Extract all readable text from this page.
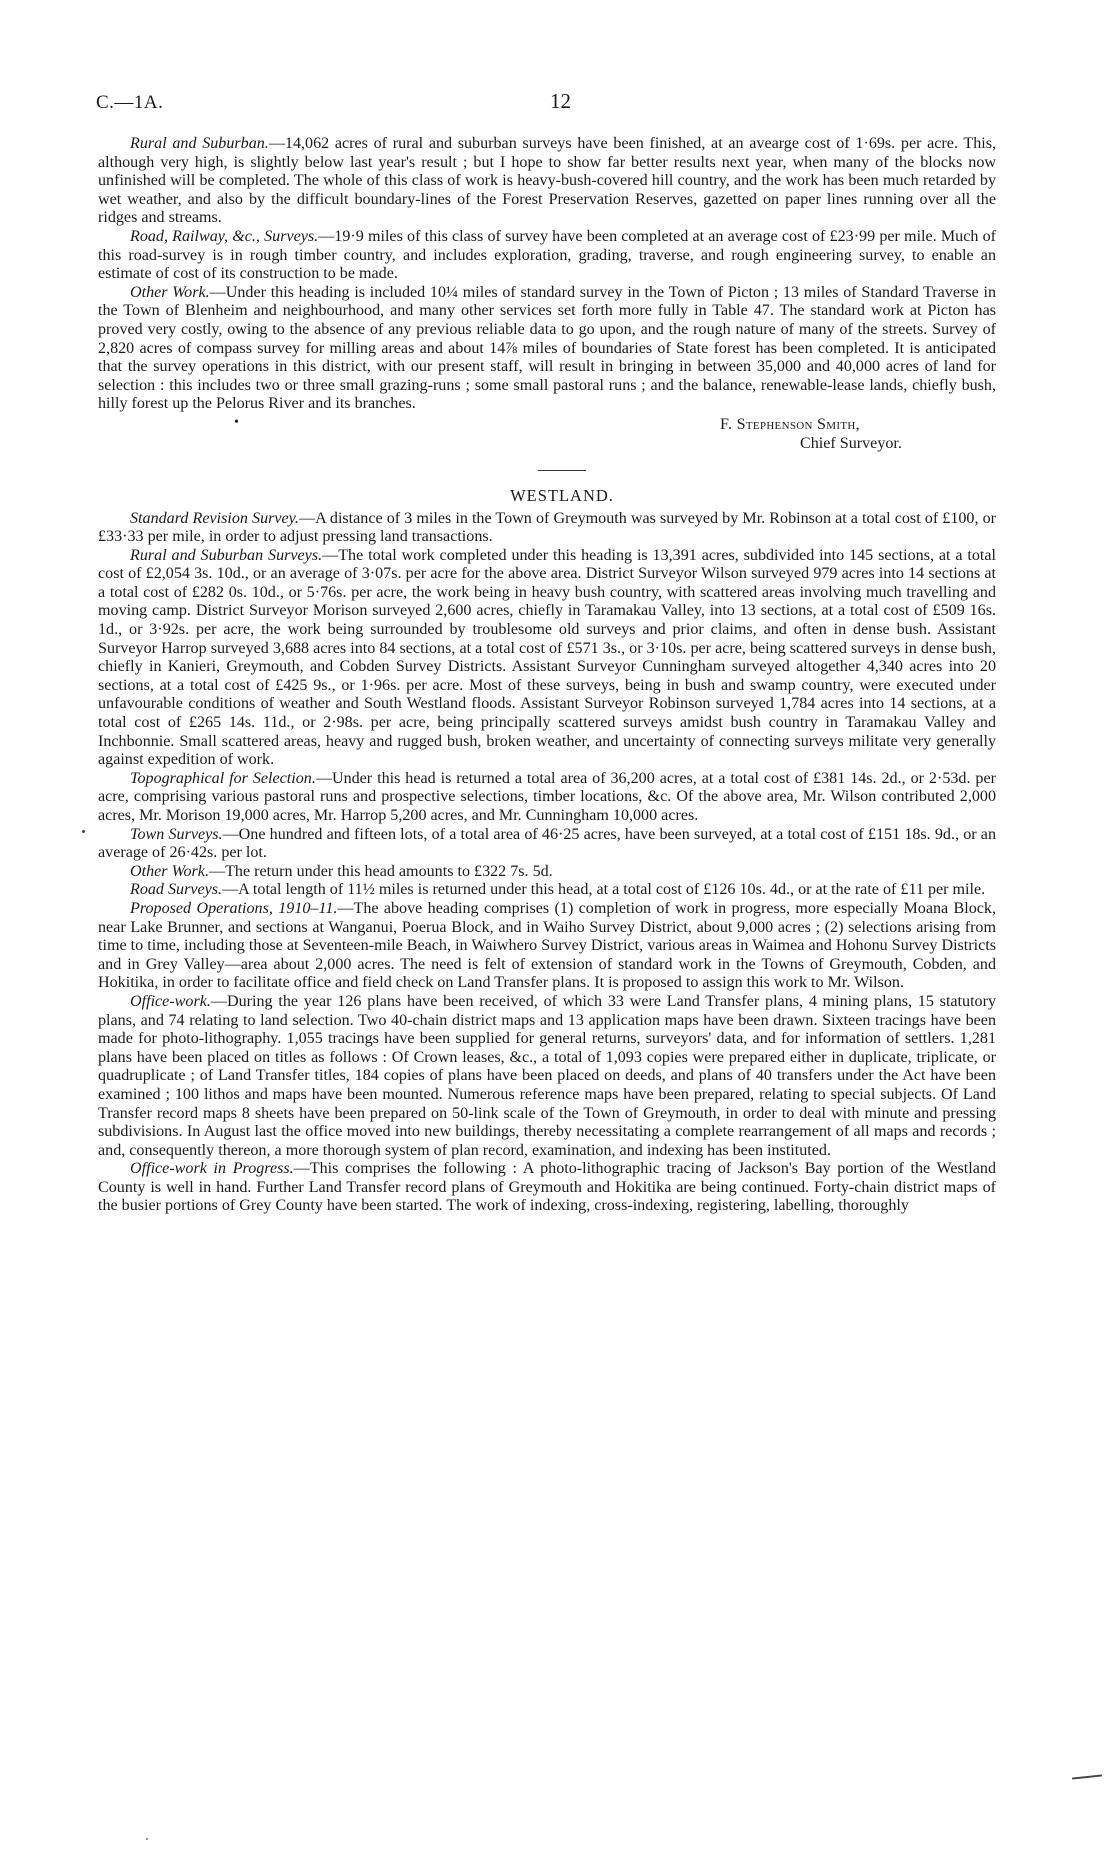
C.—1A.	12

Rural and Suburban.—14,062 acres of rural and suburban surveys have been finished, at an avearge cost of 1·69s. per acre. This, although very high, is slightly below last year's result ; but I hope to show far better results next year, when many of the blocks now unfinished will be completed. The whole of this class of work is heavy-bush-covered hill country, and the work has been much retarded by wet weather, and also by the difficult boundary-lines of the Forest Preservation Reserves, gazetted on paper lines running over all the ridges and streams.

Road, Railway, &c., Surveys.—19·9 miles of this class of survey have been completed at an average cost of £23·99 per mile. Much of this road-survey is in rough timber country, and includes exploration, grading, traverse, and rough engineering survey, to enable an estimate of cost of its construction to be made.

Other Work.—Under this heading is included 10¼ miles of standard survey in the Town of Picton ; 13 miles of Standard Traverse in the Town of Blenheim and neighbourhood, and many other services set forth more fully in Table 47. The standard work at Picton has proved very costly, owing to the absence of any previous reliable data to go upon, and the rough nature of many of the streets. Survey of 2,820 acres of compass survey for milling areas and about 14⅞ miles of boundaries of State forest has been completed. It is anticipated that the survey operations in this district, with our present staff, will result in bringing in between 35,000 and 40,000 acres of land for selection : this includes two or three small grazing-runs ; some small pastoral runs ; and the balance, renewable-lease lands, chiefly bush, hilly forest up the Pelorus River and its branches.

•	F. Stephenson Smith,
Chief Surveyor.
WESTLAND.

Standard Revision Survey.—A distance of 3 miles in the Town of Greymouth was surveyed by Mr. Robinson at a total cost of £100, or £33·33 per mile, in order to adjust pressing land transactions.

Rural and Suburban Surveys.—The total work completed under this heading is 13,391 acres, subdivided into 145 sections, at a total cost of £2,054 3s. 10d., or an average of 3·07s. per acre for the above area. District Surveyor Wilson surveyed 979 acres into 14 sections at a total cost of £282 0s. 10d., or 5·76s. per acre, the work being in heavy bush country, with scattered areas involving much travelling and moving camp. District Surveyor Morison surveyed 2,600 acres, chiefly in Taramakau Valley, into 13 sections, at a total cost of £509 16s. 1d., or 3·92s. per acre, the work being surrounded by troublesome old surveys and prior claims, and often in dense bush. Assistant Surveyor Harrop surveyed 3,688 acres into 84 sections, at a total cost of £571 3s., or 3·10s. per acre, being scattered surveys in dense bush, chiefly in Kanieri, Greymouth, and Cobden Survey Districts. Assistant Surveyor Cunningham surveyed altogether 4,340 acres into 20 sections, at a total cost of £425 9s., or 1·96s. per acre. Most of these surveys, being in bush and swamp country, were executed under unfavourable conditions of weather and South Westland floods. Assistant Surveyor Robinson surveyed 1,784 acres into 14 sections, at a total cost of £265 14s. 11d., or 2·98s. per acre, being principally scattered surveys amidst bush country in Taramakau Valley and Inchbonnie. Small scattered areas, heavy and rugged bush, broken weather, and uncertainty of connecting surveys militate very generally against expedition of work.

Topographical for Selection.—Under this head is returned a total area of 36,200 acres, at a total cost of £381 14s. 2d., or 2·53d. per acre, comprising various pastoral runs and prospective selections, timber locations, &c. Of the above area, Mr. Wilson contributed 2,000 acres, Mr. Morison 19,000 acres, Mr. Harrop 5,200 acres, and Mr. Cunningham 10,000 acres.

Town Surveys.—One hundred and fifteen lots, of a total area of 46·25 acres, have been surveyed, at a total cost of £151 18s. 9d., or an average of 26·42s. per lot.

Other Work.—The return under this head amounts to £322 7s. 5d.

Road Surveys.—A total length of 11½ miles is returned under this head, at a total cost of £126 10s. 4d., or at the rate of £11 per mile.

Proposed Operations, 1910–11.—The above heading comprises (1) completion of work in progress, more especially Moana Block, near Lake Brunner, and sections at Wanganui, Poerua Block, and in Waiho Survey District, about 9,000 acres ; (2) selections arising from time to time, including those at Seventeen-mile Beach, in Waiwhero Survey District, various areas in Waimea and Hohonu Survey Districts and in Grey Valley—area about 2,000 acres. The need is felt of extension of standard work in the Towns of Greymouth, Cobden, and Hokitika, in order to facilitate office and field check on Land Transfer plans. It is proposed to assign this work to Mr. Wilson.

Office-work.—During the year 126 plans have been received, of which 33 were Land Transfer plans, 4 mining plans, 15 statutory plans, and 74 relating to land selection. Two 40-chain district maps and 13 application maps have been drawn. Sixteen tracings have been made for photo-lithography. 1,055 tracings have been supplied for general returns, surveyors' data, and for information of settlers. 1,281 plans have been placed on titles as follows : Of Crown leases, &c., a total of 1,093 copies were prepared either in duplicate, triplicate, or quadruplicate ; of Land Transfer titles, 184 copies of plans have been placed on deeds, and plans of 40 transfers under the Act have been examined ; 100 lithos and maps have been mounted. Numerous reference maps have been prepared, relating to special subjects. Of Land Transfer record maps 8 sheets have been prepared on 50-link scale of the Town of Greymouth, in order to deal with minute and pressing subdivisions. In August last the office moved into new buildings, thereby necessitating a complete rearrangement of all maps and records ; and, consequently thereon, a more thorough system of plan record, examination, and indexing has been instituted.

Office-work in Progress.—This comprises the following : A photo-lithographic tracing of Jackson's Bay portion of the Westland County is well in hand. Further Land Transfer record plans of Greymouth and Hokitika are being continued. Forty-chain district maps of the busier portions of Grey County have been started. The work of indexing, cross-indexing, registering, labelling, thoroughly
